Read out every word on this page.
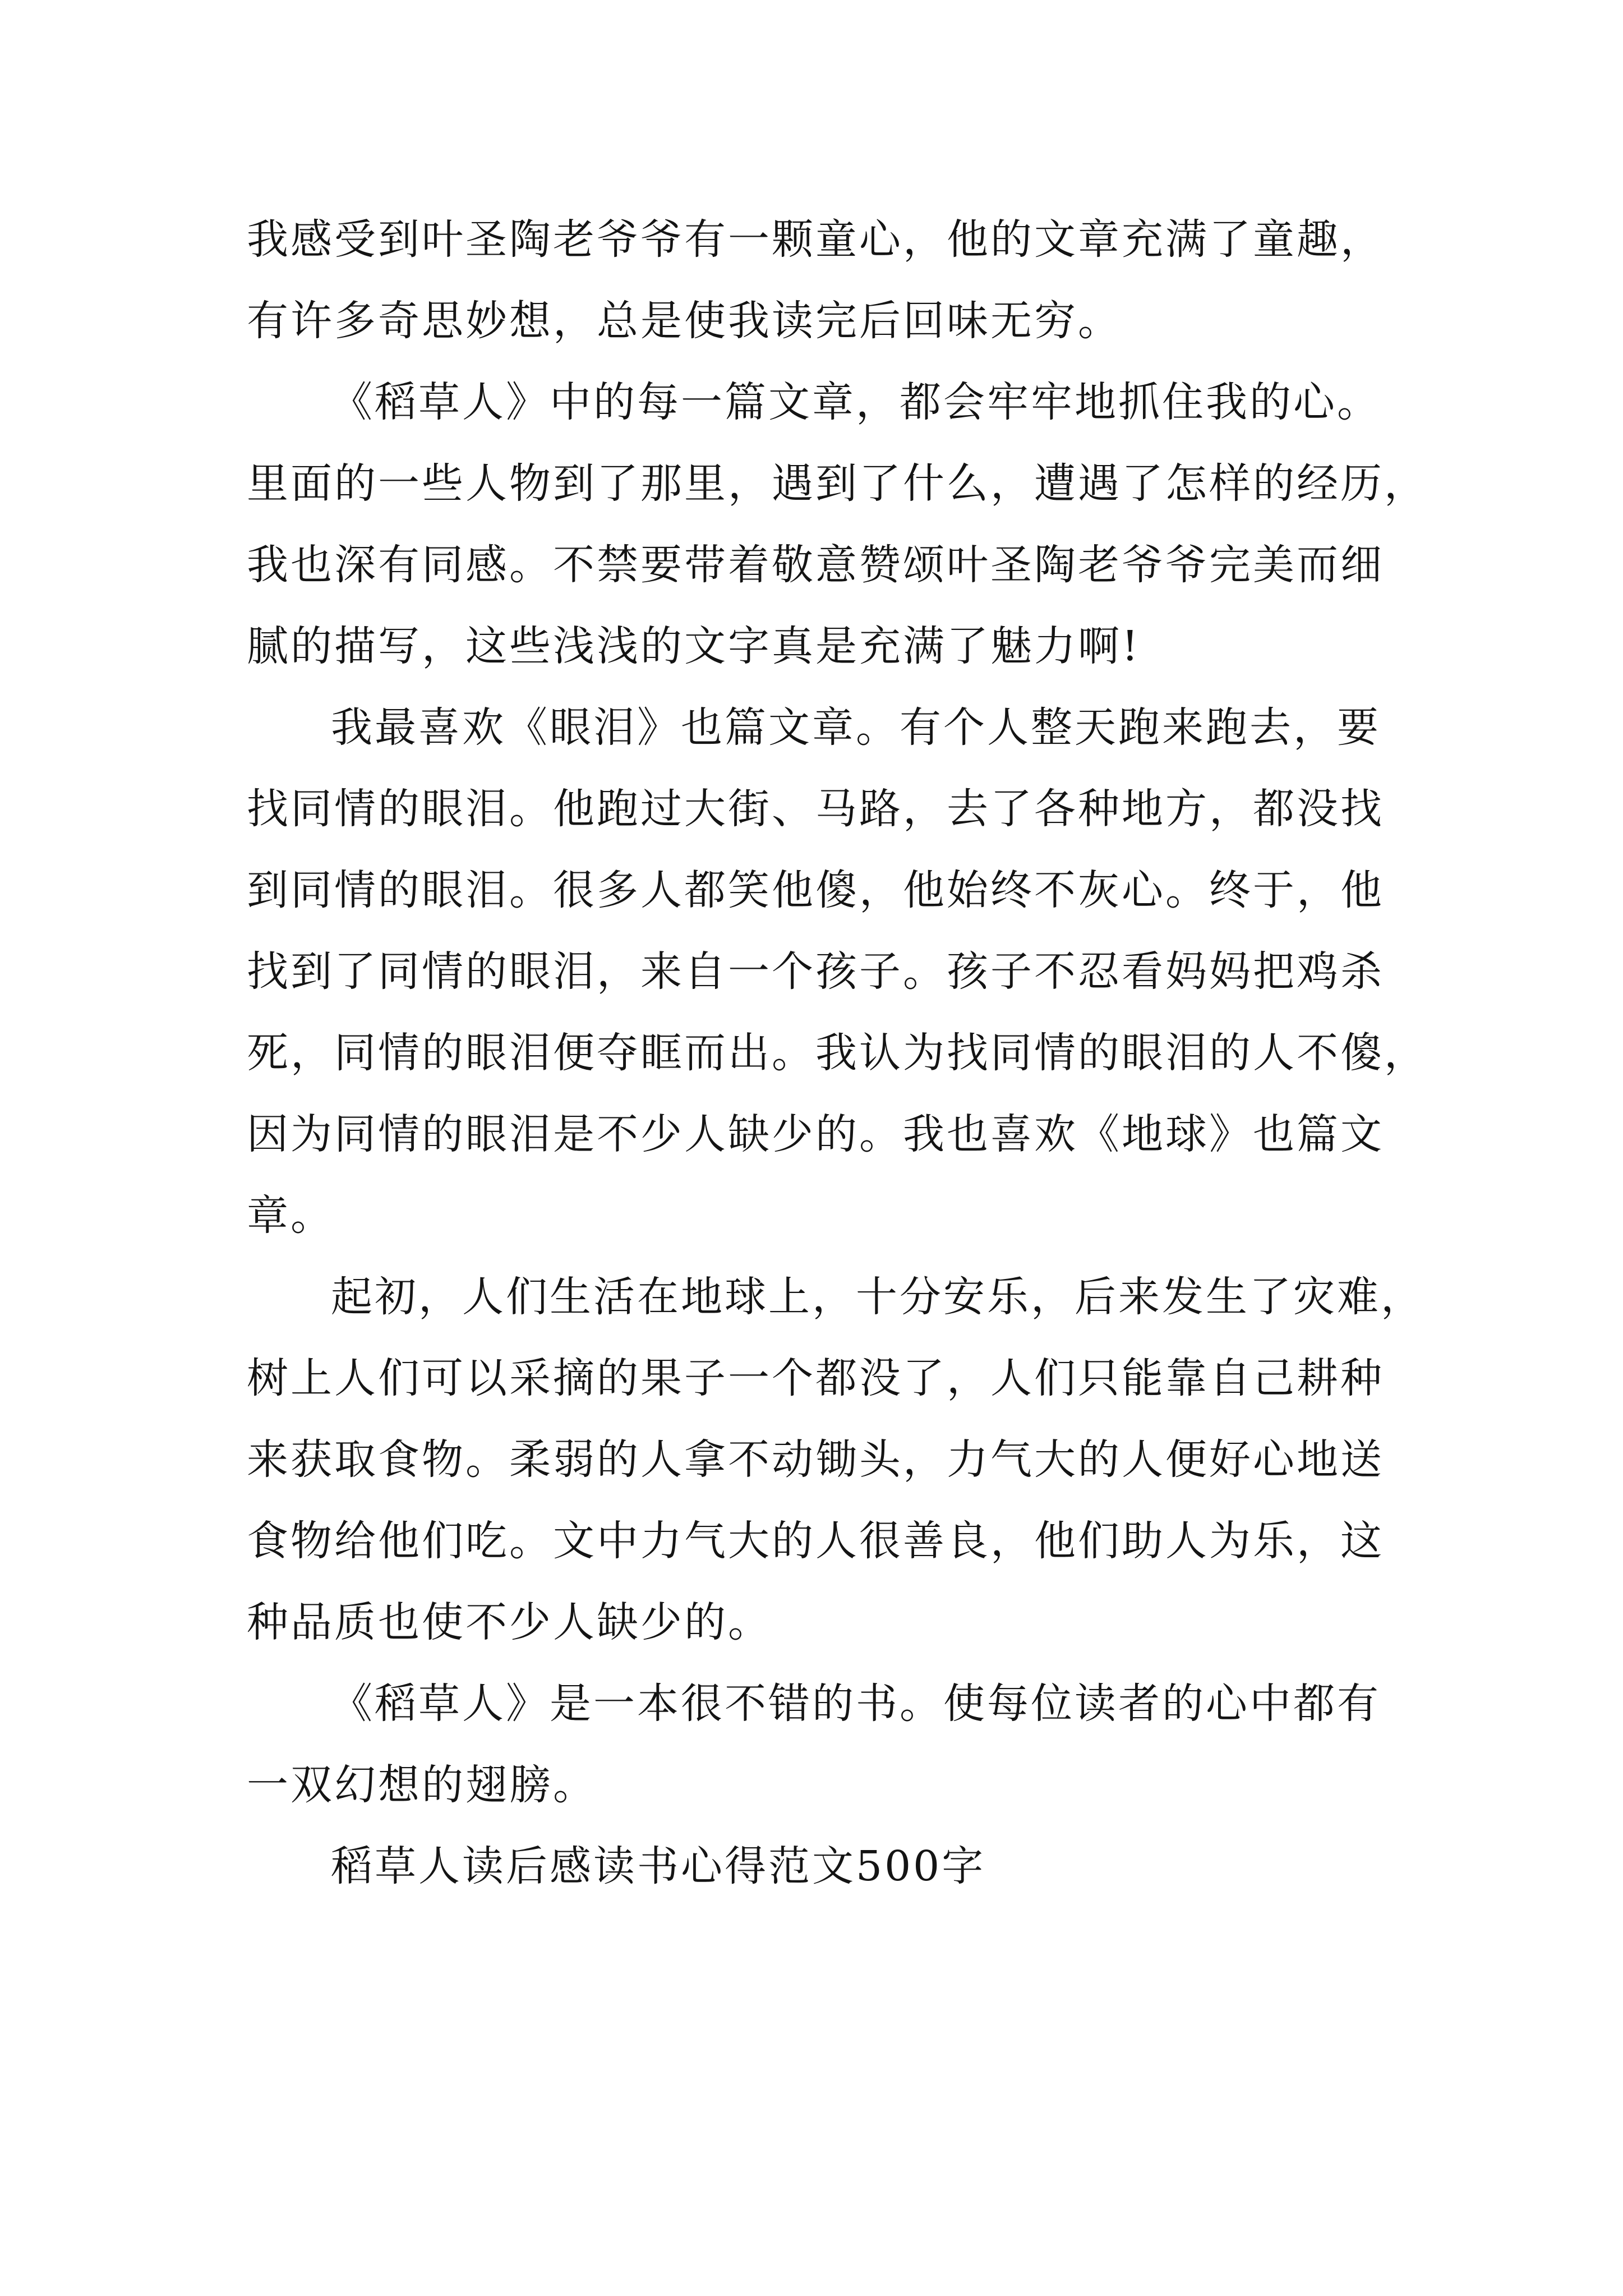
我感受到叶圣陶老爷爷有一颗童心，他的文章充满了童趣，
有许多奇思妙想，总是使我读完后回味无穷。
《稻草人》中的每一篇文章，都会牢牢地抓住我的心。
里面的一些人物到了那里，遇到了什么，遭遇了怎样的经历，
我也深有同感。不禁要带着敬意赞颂叶圣陶老爷爷完美而细
腻的描写，这些浅浅的文字真是充满了魅力啊!
我最喜欢《眼泪》也篇文章。有个人整天跑来跑去，要
找同情的眼泪。他跑过大街、马路，去了各种地方，都没找
到同情的眼泪。很多人都笑他傻，他始终不灰心。终于，他
找到了同情的眼泪，来自一个孩子。孩子不忍看妈妈把鸡杀
死，同情的眼泪便夺眶而出。我认为找同情的眼泪的人不傻，
因为同情的眼泪是不少人缺少的。我也喜欢《地球》也篇文
章。
起初，人们生活在地球上，十分安乐，后来发生了灾难，
树上人们可以采摘的果子一个都没了，人们只能靠自己耕种
来获取食物。柔弱的人拿不动锄头，力气大的人便好心地送
食物给他们吃。文中力气大的人很善良，他们助人为乐，这
种品质也使不少人缺少的。
《稻草人》是一本很不错的书。使每位读者的心中都有
一双幻想的翅膀。
稻草人读后感读书心得范文500字
